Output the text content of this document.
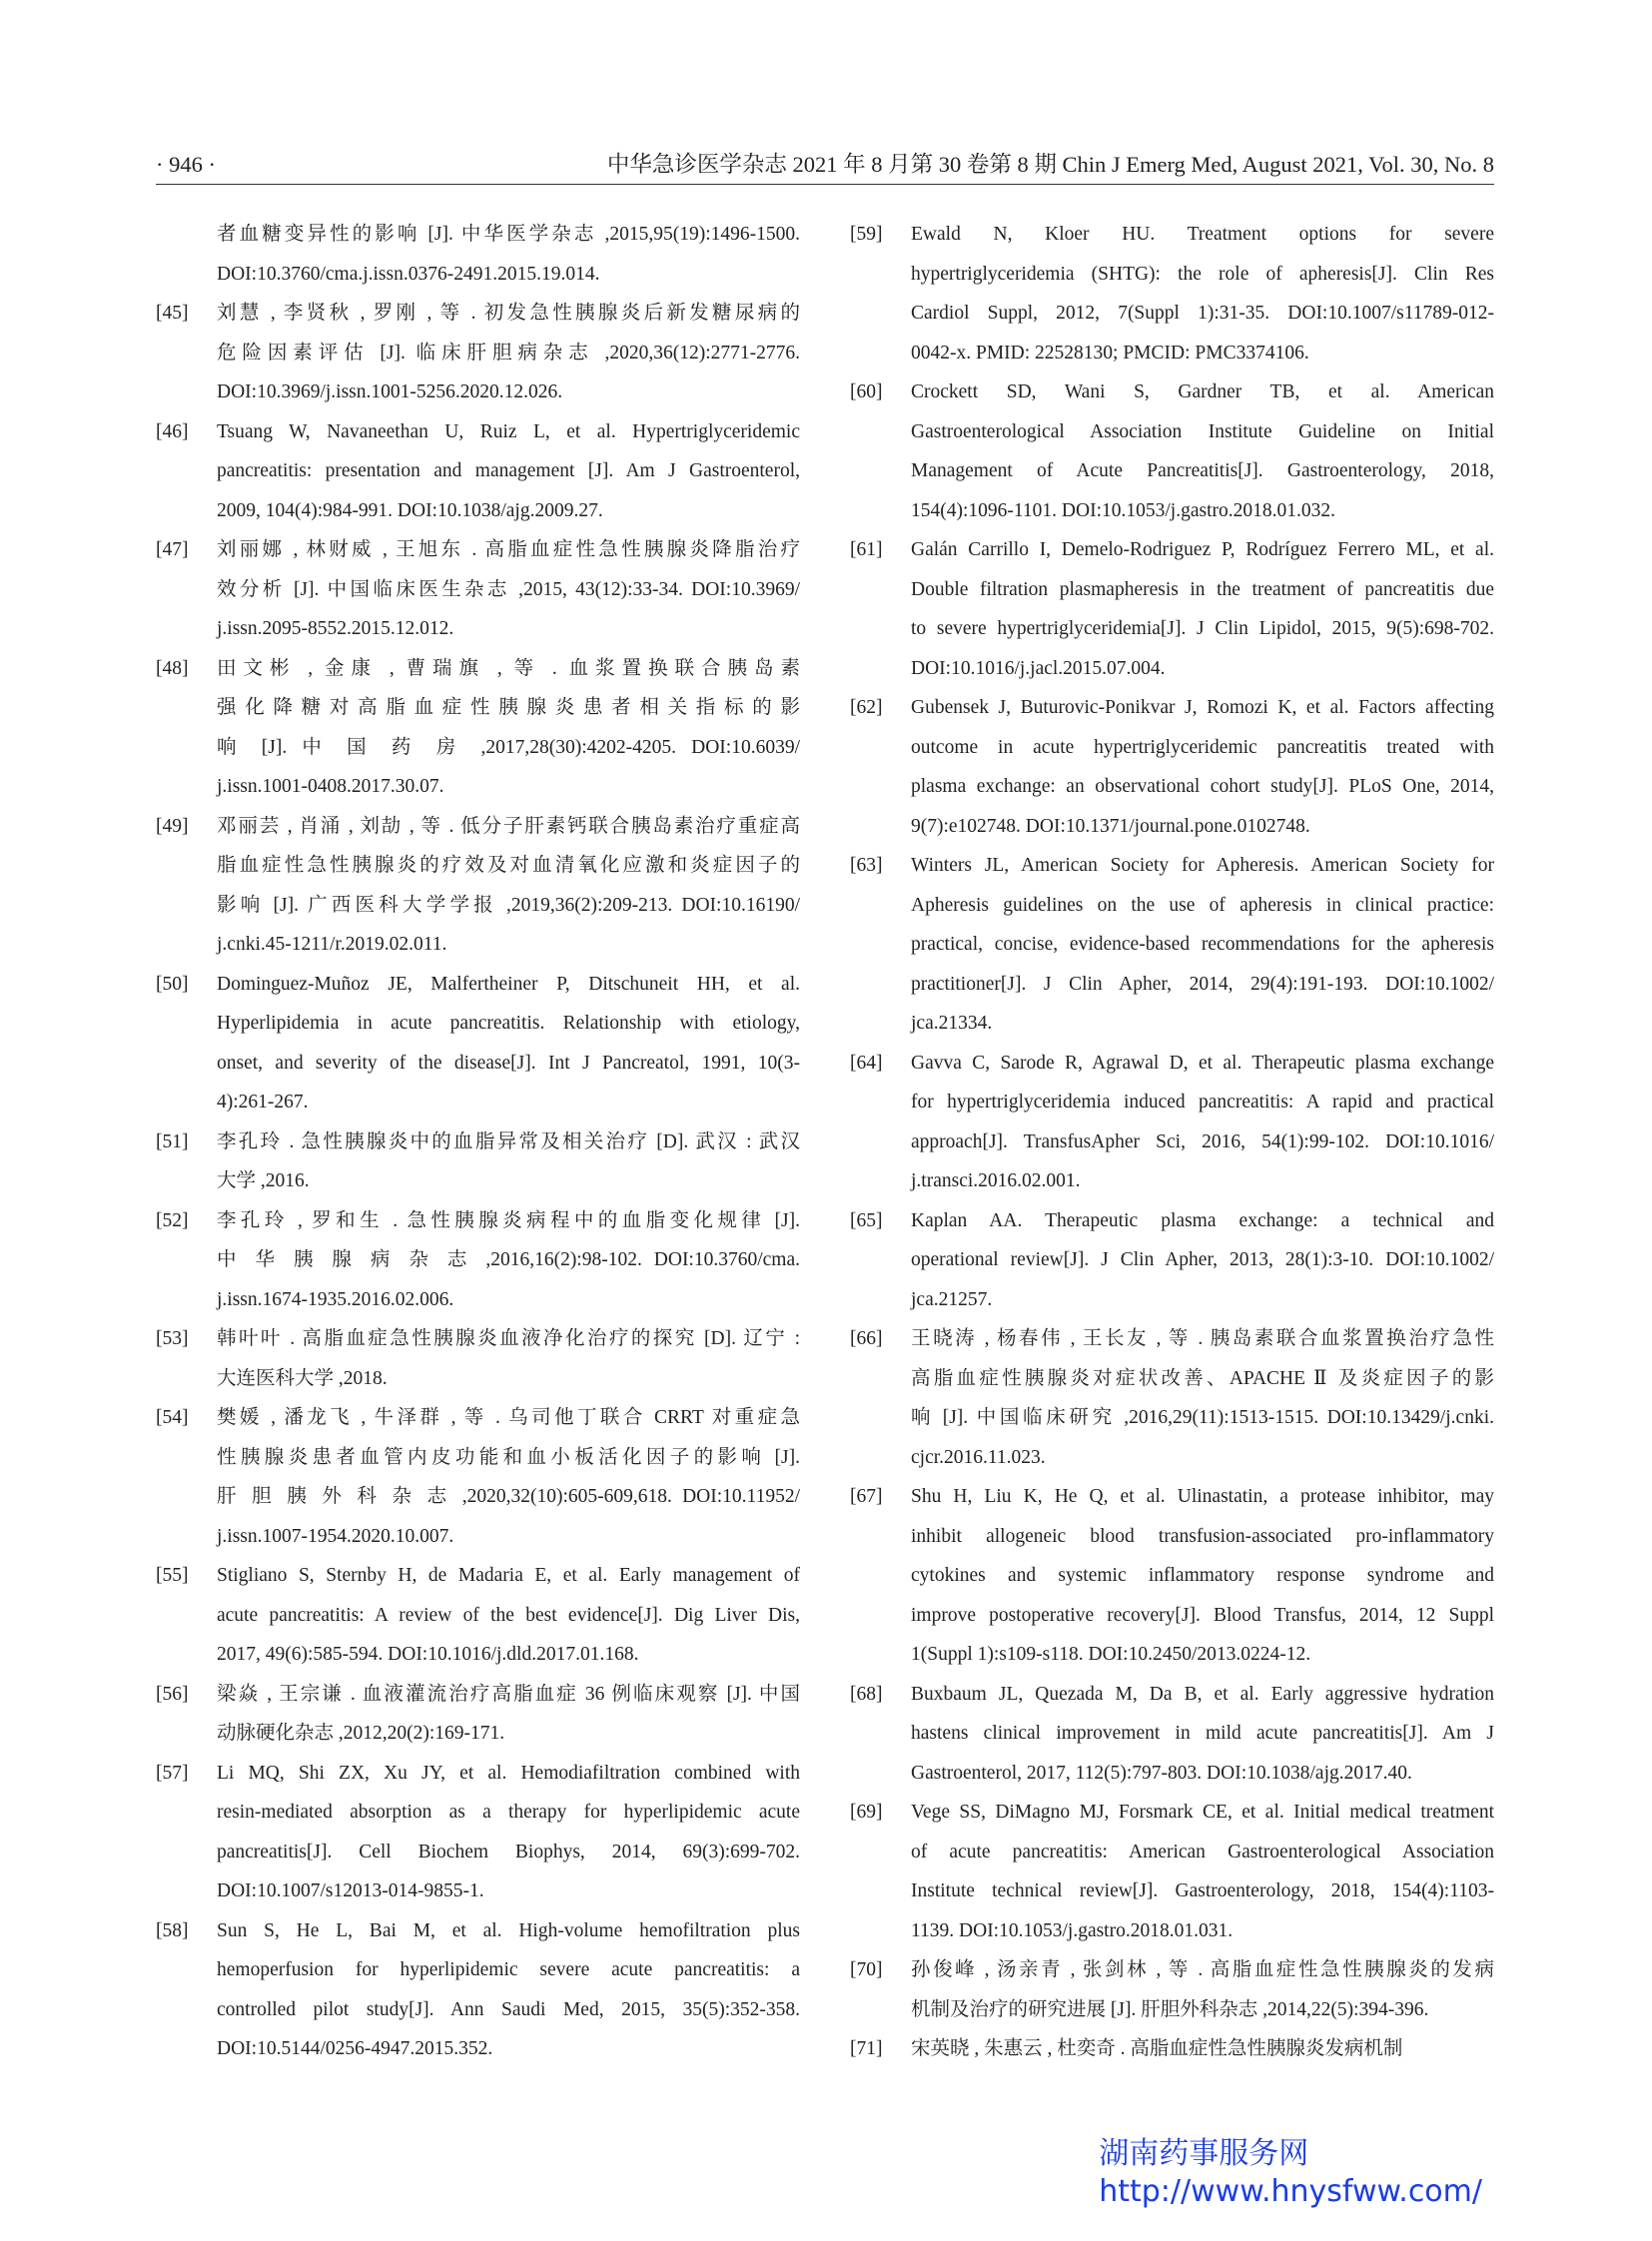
· 946 ·	中华急诊医学杂志 2021 年 8 月第 30 卷第 8 期 Chin J Emerg Med, August 2021, Vol. 30, No. 8
者血糖变异性的影响 [J]. 中华医学杂志 ,2015,95(19):1496-1500.
DOI:10.3760/cma.j.issn.0376-2491.2015.19.014.
[45] 刘慧 , 李贤秋 , 罗刚 , 等 . 初发急性胰腺炎后新发糖尿病的
危险因素评估 [J]. 临床肝胆病杂志 ,2020,36(12):2771-2776.
DOI:10.3969/j.issn.1001-5256.2020.12.026.
[46] Tsuang W, Navaneethan U, Ruiz L, et al. Hypertriglyceridemic
pancreatitis: presentation and management [J]. Am J Gastroenterol,
2009, 104(4):984-991. DOI:10.1038/ajg.2009.27.
[47] 刘丽娜 , 林财威 , 王旭东 . 高脂血症性急性胰腺炎降脂治疗
效分析 [J]. 中国临床医生杂志 ,2015, 43(12):33-34. DOI:10.3969/
j.issn.2095-8552.2015.12.012.
[48] 田文彬 , 金康 , 曹瑞旗 , 等 . 血浆置换联合胰岛素
强化降糖对高脂血症性胰腺炎患者相关指标的影
响 [J]. 中 国 药 房 ,2017,28(30):4202-4205. DOI:10.6039/
j.issn.1001-0408.2017.30.07.
[49] 邓丽芸 , 肖涌 , 刘劼 , 等 . 低分子肝素钙联合胰岛素治疗重症高
脂血症性急性胰腺炎的疗效及对血清氧化应激和炎症因子的
影响 [J]. 广西医科大学学报 ,2019,36(2):209-213. DOI:10.16190/
j.cnki.45-1211/r.2019.02.011.
[50] Dominguez-Muñoz JE, Malfertheiner P, Ditschuneit HH, et al.
Hyperlipidemia in acute pancreatitis. Relationship with etiology,
onset, and severity of the disease[J]. Int J Pancreatol, 1991, 10(3-
4):261-267.
[51] 李孔玲 . 急性胰腺炎中的血脂异常及相关治疗 [D]. 武汉 : 武汉
大学 ,2016.
[52] 李孔玲 , 罗和生 . 急性胰腺炎病程中的血脂变化规律 [J].
中 华 胰 腺 病 杂 志 ,2016,16(2):98-102. DOI:10.3760/cma.
j.issn.1674-1935.2016.02.006.
[53] 韩叶叶 . 高脂血症急性胰腺炎血液净化治疗的探究 [D]. 辽宁 :
大连医科大学 ,2018.
[54] 樊媛 , 潘龙飞 , 牛泽群 , 等 . 乌司他丁联合 CRRT 对重症急
性胰腺炎患者血管内皮功能和血小板活化因子的影响 [J].
肝 胆 胰 外 科 杂 志 ,2020,32(10):605-609,618. DOI:10.11952/
j.issn.1007-1954.2020.10.007.
[55] Stigliano S, Sternby H, de Madaria E, et al. Early management of
acute pancreatitis: A review of the best evidence[J]. Dig Liver Dis,
2017, 49(6):585-594. DOI:10.1016/j.dld.2017.01.168.
[56] 梁焱 , 王宗谦 . 血液灌流治疗高脂血症 36 例临床观察 [J]. 中国
动脉硬化杂志 ,2012,20(2):169-171.
[57] Li MQ, Shi ZX, Xu JY, et al. Hemodiafiltration combined with
resin-mediated absorption as a therapy for hyperlipidemic acute
pancreatitis[J]. Cell Biochem Biophys, 2014, 69(3):699-702.
DOI:10.1007/s12013-014-9855-1.
[58] Sun S, He L, Bai M, et al. High-volume hemofiltration plus
hemoperfusion for hyperlipidemic severe acute pancreatitis: a
controlled pilot study[J]. Ann Saudi Med, 2015, 35(5):352-358.
DOI:10.5144/0256-4947.2015.352.
[59] Ewald N, Kloer HU. Treatment options for severe
hypertriglyceridemia (SHTG): the role of apheresis[J]. Clin Res
Cardiol Suppl, 2012, 7(Suppl 1):31-35. DOI:10.1007/s11789-012-
0042-x. PMID: 22528130; PMCID: PMC3374106.
[60] Crockett SD, Wani S, Gardner TB, et al. American
Gastroenterological Association Institute Guideline on Initial
Management of Acute Pancreatitis[J]. Gastroenterology, 2018,
154(4):1096-1101. DOI:10.1053/j.gastro.2018.01.032.
[61] Galán Carrillo I, Demelo-Rodriguez P, Rodríguez Ferrero ML, et al.
Double filtration plasmapheresis in the treatment of pancreatitis due
to severe hypertriglyceridemia[J]. J Clin Lipidol, 2015, 9(5):698-702.
DOI:10.1016/j.jacl.2015.07.004.
[62] Gubensek J, Buturovic-Ponikvar J, Romozi K, et al. Factors affecting
outcome in acute hypertriglyceridemic pancreatitis treated with
plasma exchange: an observational cohort study[J]. PLoS One, 2014,
9(7):e102748. DOI:10.1371/journal.pone.0102748.
[63] Winters JL, American Society for Apheresis. American Society for
Apheresis guidelines on the use of apheresis in clinical practice:
practical, concise, evidence-based recommendations for the apheresis
practitioner[J]. J Clin Apher, 2014, 29(4):191-193. DOI:10.1002/
jca.21334.
[64] Gavva C, Sarode R, Agrawal D, et al. Therapeutic plasma exchange
for hypertriglyceridemia induced pancreatitis: A rapid and practical
approach[J]. TransfusApher Sci, 2016, 54(1):99-102. DOI:10.1016/
j.transci.2016.02.001.
[65] Kaplan AA. Therapeutic plasma exchange: a technical and
operational review[J]. J Clin Apher, 2013, 28(1):3-10. DOI:10.1002/
jca.21257.
[66] 王晓涛 , 杨春伟 , 王长友 , 等 . 胰岛素联合血浆置换治疗急性
高脂血症性胰腺炎对症状改善、APACHE Ⅱ 及炎症因子的影
响 [J]. 中国临床研究 ,2016,29(11):1513-1515. DOI:10.13429/j.cnki.
cjcr.2016.11.023.
[67] Shu H, Liu K, He Q, et al. Ulinastatin, a protease inhibitor, may
inhibit allogeneic blood transfusion-associated pro-inflammatory
cytokines and systemic inflammatory response syndrome and
improve postoperative recovery[J]. Blood Transfus, 2014, 12 Suppl
1(Suppl 1):s109-s118. DOI:10.2450/2013.0224-12.
[68] Buxbaum JL, Quezada M, Da B, et al. Early aggressive hydration
hastens clinical improvement in mild acute pancreatitis[J]. Am J
Gastroenterol, 2017, 112(5):797-803. DOI:10.1038/ajg.2017.40.
[69] Vege SS, DiMagno MJ, Forsmark CE, et al. Initial medical treatment
of acute pancreatitis: American Gastroenterological Association
Institute technical review[J]. Gastroenterology, 2018, 154(4):1103-
1139. DOI:10.1053/j.gastro.2018.01.031.
[70] 孙俊峰 , 汤亲青 , 张剑林 , 等 . 高脂血症性急性胰腺炎的发病
机制及治疗的研究进展 [J]. 肝胆外科杂志 ,2014,22(5):394-396.
[71] 宋英晓 , 朱惠云 , 杜奕奇 . 高脂血症性急性胰腺炎发病机制
湖南药事服务网
http://www.hnysfww.com/
